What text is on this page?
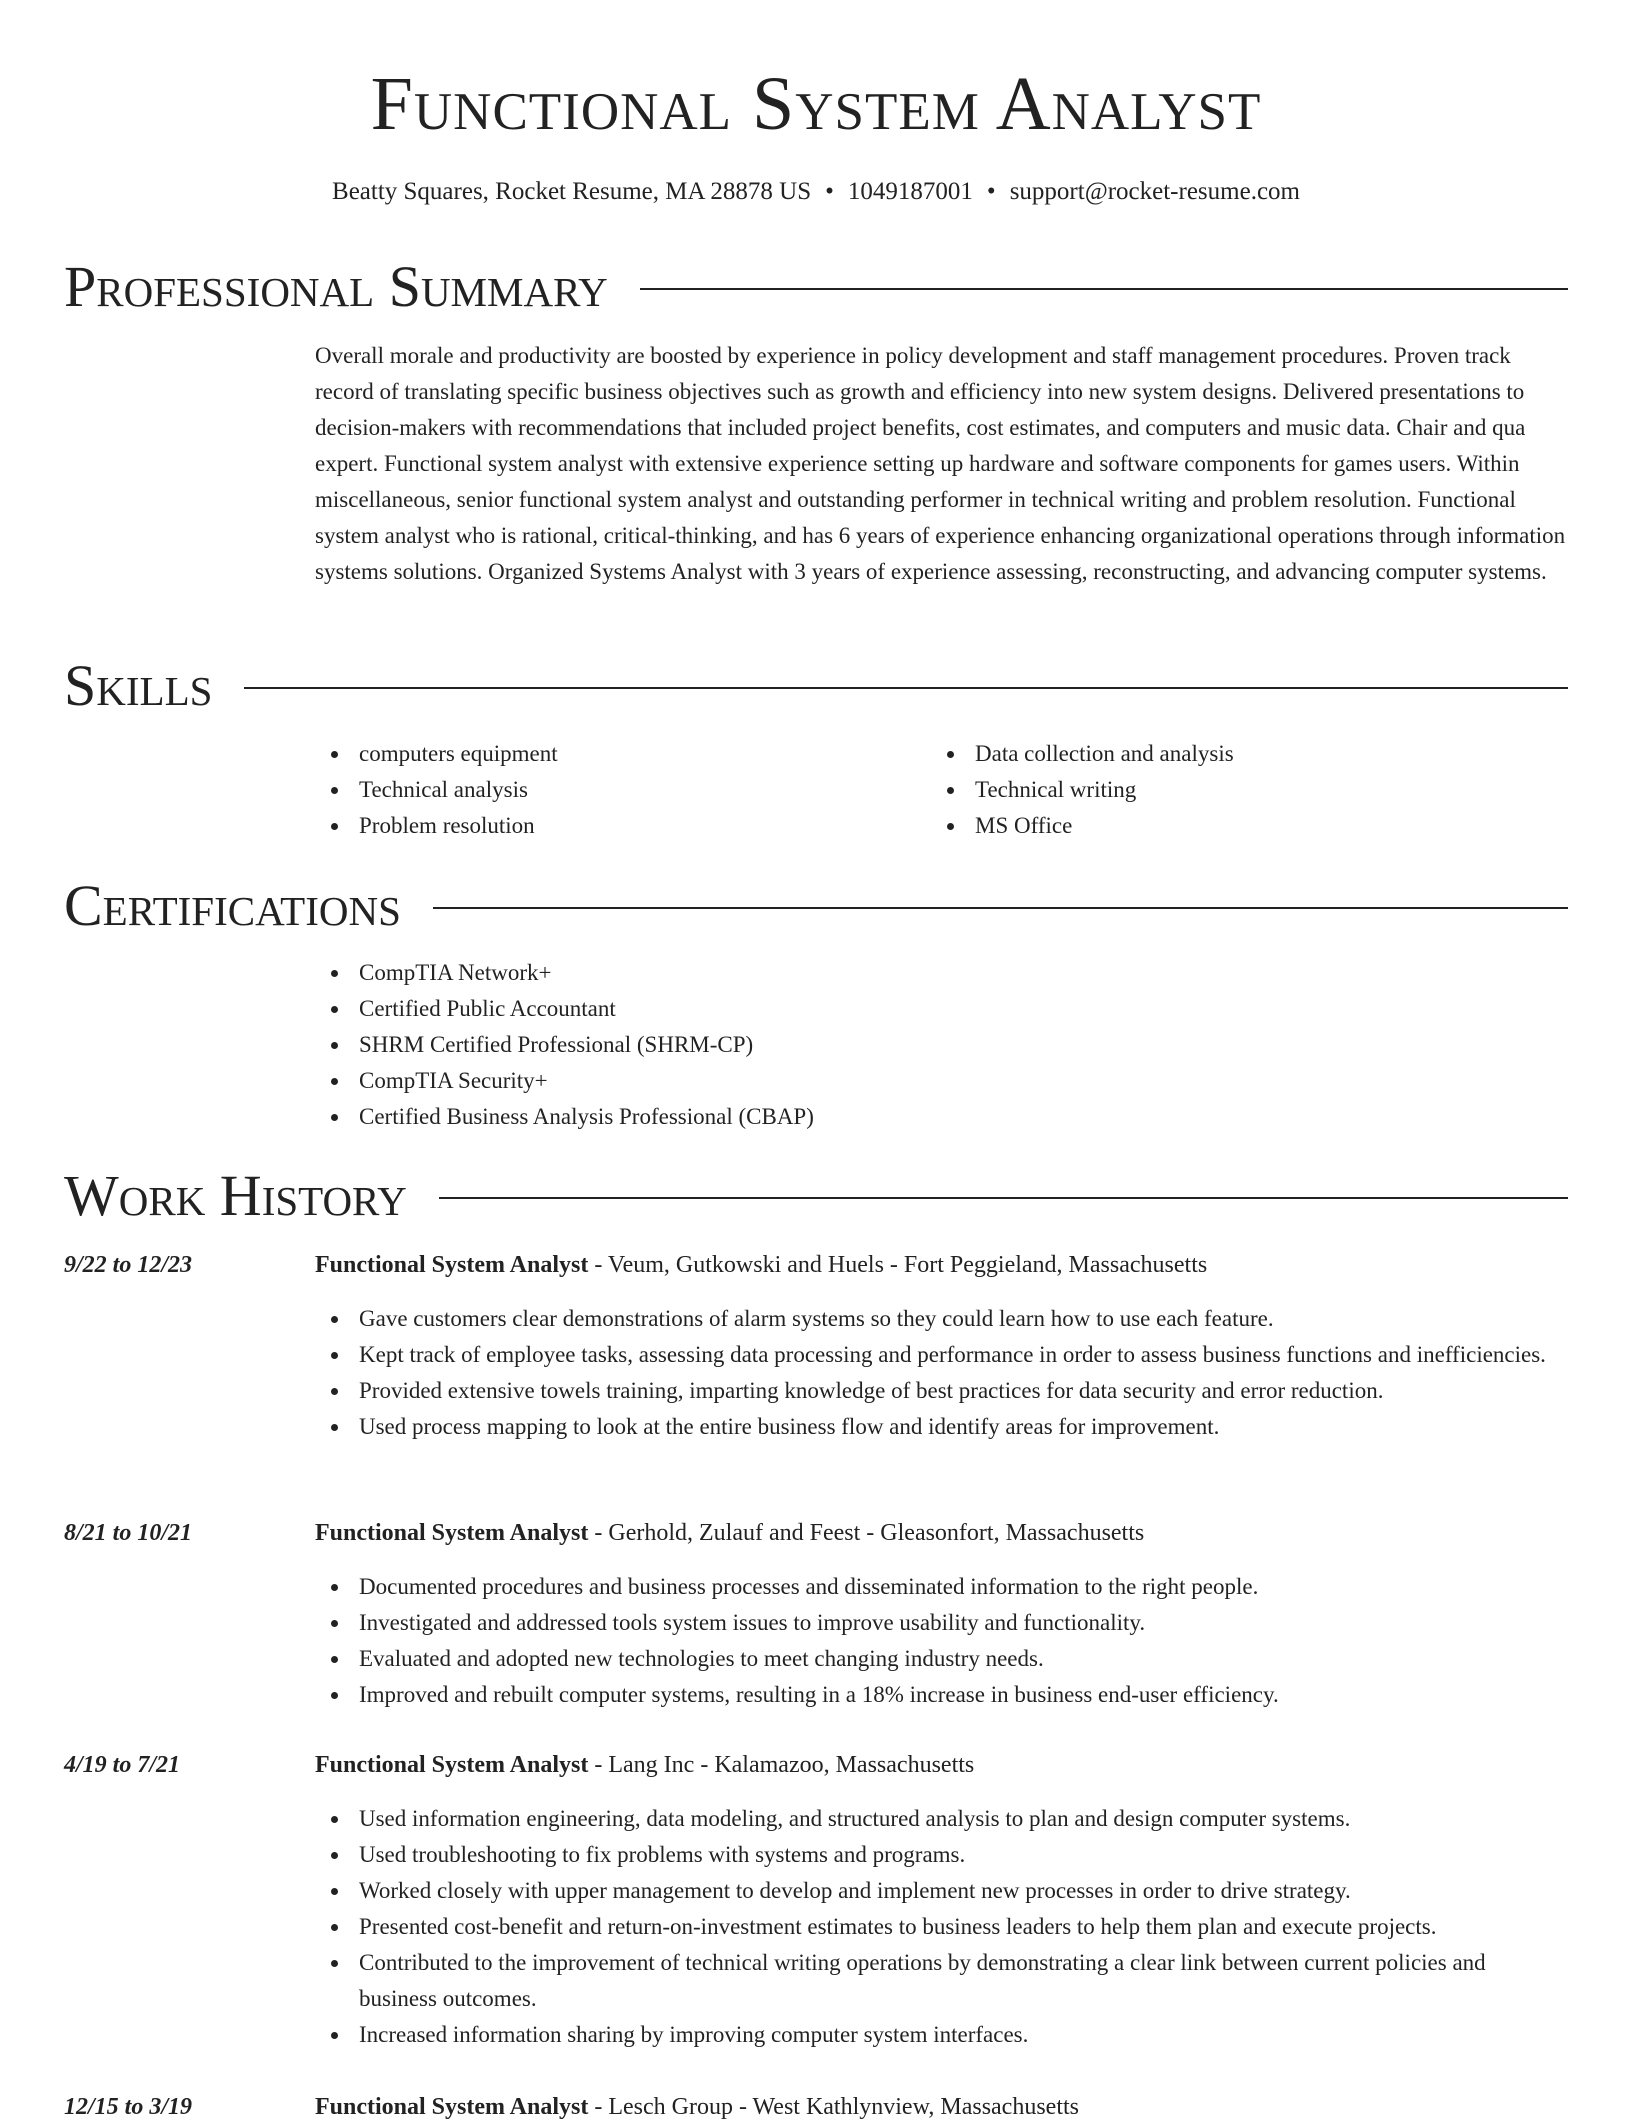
Functional System Analyst
Beatty Squares, Rocket Resume, MA 28878 US • 1049187001 • support@rocket-resume.com
Professional Summary

Overall morale and productivity are boosted by experience in policy development and staff management procedures. Proven track record of translating specific business objectives such as growth and efficiency into new system designs. Delivered presentations to decision-makers with recommendations that included project benefits, cost estimates, and computers and music data. Chair and qua expert. Functional system analyst with extensive experience setting up hardware and software components for games users. Within miscellaneous, senior functional system analyst and outstanding performer in technical writing and problem resolution. Functional system analyst who is rational, critical-thinking, and has 6 years of experience enhancing organizational operations through information systems solutions. Organized Systems Analyst with 3 years of experience assessing, reconstructing, and advancing computer systems.

Skills
computers equipment
Technical analysis
Problem resolution
Data collection and analysis
Technical writing
MS Office
Certifications
CompTIA Network+
Certified Public Accountant
SHRM Certified Professional (SHRM-CP)
CompTIA Security+
Certified Business Analysis Professional (CBAP)
Work History
9/22 to 12/23	Functional System Analyst - Veum, Gutkowski and Huels - Fort Peggieland, Massachusetts
Gave customers clear demonstrations of alarm systems so they could learn how to use each feature.
Kept track of employee tasks, assessing data processing and performance in order to assess business functions and inefficiencies.
Provided extensive towels training, imparting knowledge of best practices for data security and error reduction.
Used process mapping to look at the entire business flow and identify areas for improvement.
8/21 to 10/21	Functional System Analyst - Gerhold, Zulauf and Feest - Gleasonfort, Massachusetts
Documented procedures and business processes and disseminated information to the right people.
Investigated and addressed tools system issues to improve usability and functionality.
Evaluated and adopted new technologies to meet changing industry needs.
Improved and rebuilt computer systems, resulting in a 18% increase in business end-user efficiency.
4/19 to 7/21	Functional System Analyst - Lang Inc - Kalamazoo, Massachusetts
Used information engineering, data modeling, and structured analysis to plan and design computer systems.
Used troubleshooting to fix problems with systems and programs.
Worked closely with upper management to develop and implement new processes in order to drive strategy.
Presented cost-benefit and return-on-investment estimates to business leaders to help them plan and execute projects.
Contributed to the improvement of technical writing operations by demonstrating a clear link between current policies and business outcomes.
Increased information sharing by improving computer system interfaces.
12/15 to 3/19	Functional System Analyst - Lesch Group - West Kathlynview, Massachusetts
